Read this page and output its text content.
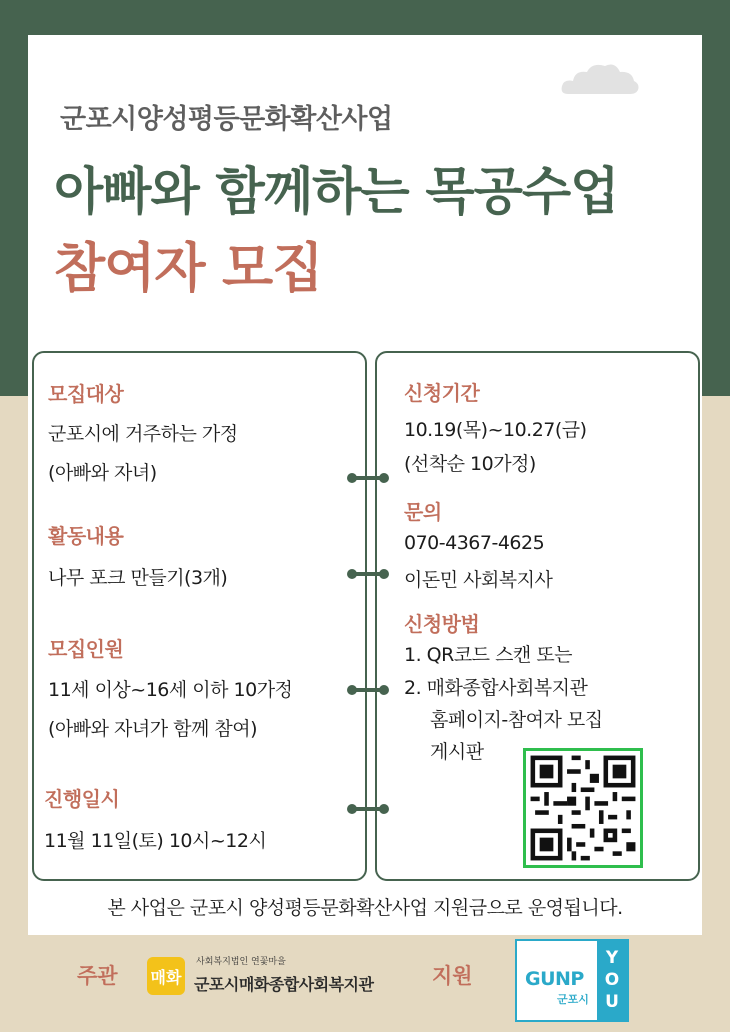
군포시양성평등문화확산사업
아빠와 함께하는 목공수업
참여자 모집
모집대상
군포시에 거주하는 가정
(아빠와 자녀)
활동내용
나무 포크 만들기(3개)
모집인원
11세 이상~16세 이하 10가정
(아빠와 자녀가 함께 참여)
진행일시
11월 11일(토) 10시~12시
신청기간
10.19(목)~10.27(금)
(선착순 10가정)
문의
070-4367-4625
이돈민 사회복지사
신청방법
1. QR코드 스캔 또는
2. 매화종합사회복지관
홈페이지-참여자 모집
게시판
본 사업은 군포시 양성평등문화확산사업 지원금으로 운영됩니다.
주관 매화
사회복지법인 연꽃마을
군포시매화종합사회복지관	지원	GUNP
군포시
YOU
